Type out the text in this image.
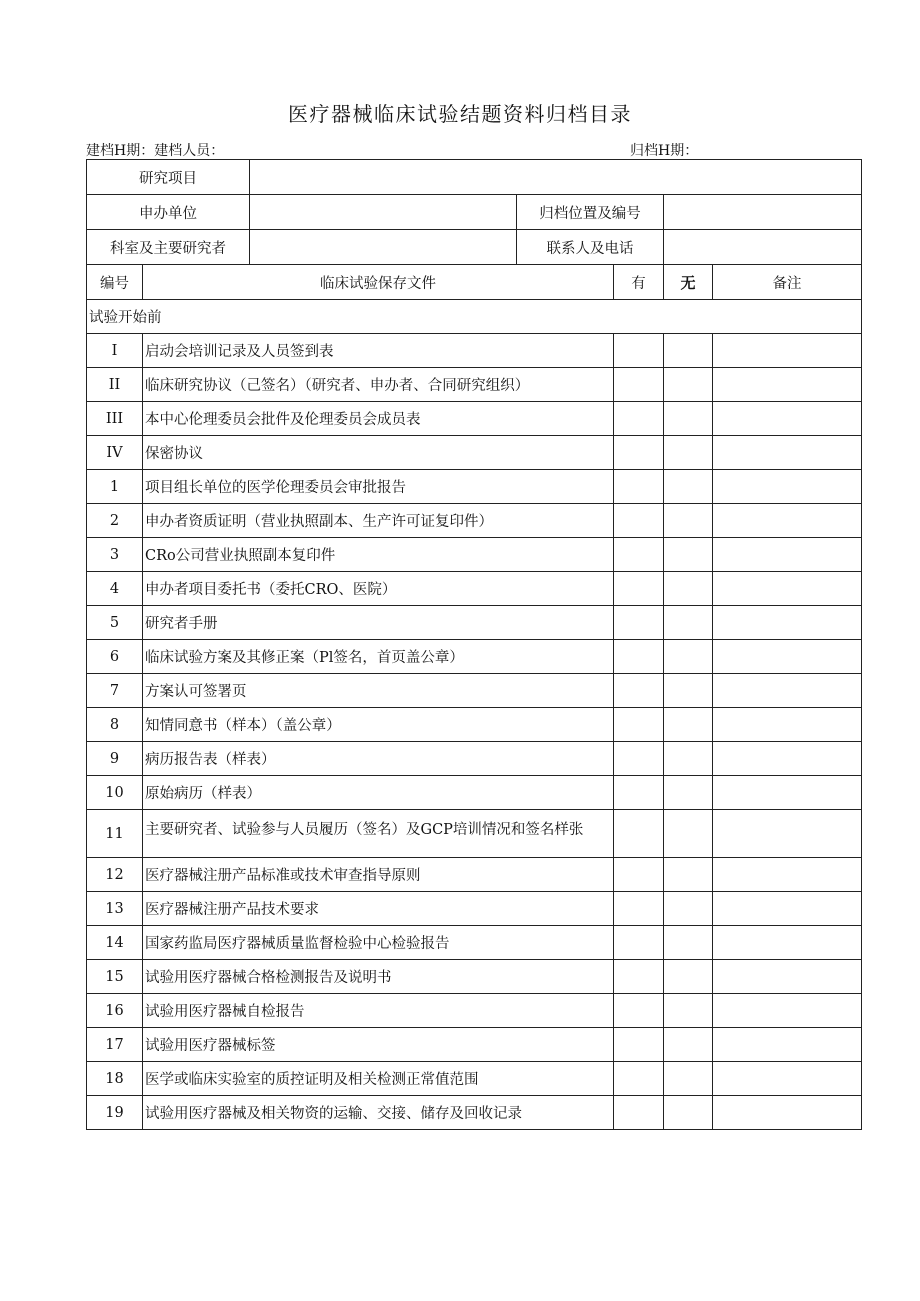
医疗器械临床试验结题资料归档目录
建档H期：建档人员：	归档H期：
研究项目						
申办单位			归档位置及编号			
科室及主要研究者			联系人及电话			
编号	临床试验保存文件			有	无	备注
试验开始前						
I	启动会培训记录及人员签到表					
II	临床研究协议（己签名）（研究者、申办者、合同研究组织）					
III	本中心伦理委员会批件及伦理委员会成员表					
IV	保密协议					
1	项目组长单位的医学伦理委员会审批报告					
2	申办者资质证明（营业执照副本、生产许可证复印件）					
3	CRo公司营业执照副本复印件					
4	申办者项目委托书（委托CRO、医院）					
5	研究者手册					
6	临床试验方案及其修正案（Pl签名，首页盖公章）					
7	方案认可签署页					
8	知情同意书（样本）（盖公章）					
9	病历报告表（样表）					
10	原始病历（样表）					
11	主要研究者、试验参与人员履历（签名）及GCP培训情况和签名样张					
12	医疗器械注册产品标准或技术审查指导原则					
13	医疗器械注册产品技术要求					
14	国家药监局医疗器械质量监督检验中心检验报告					
15	试验用医疗器械合格检测报告及说明书					
16	试验用医疗器械自检报告					
17	试验用医疗器械标签					
18	医学或临床实验室的质控证明及相关检测正常值范围					
19	试验用医疗器械及相关物资的运输、交接、储存及回收记录					
